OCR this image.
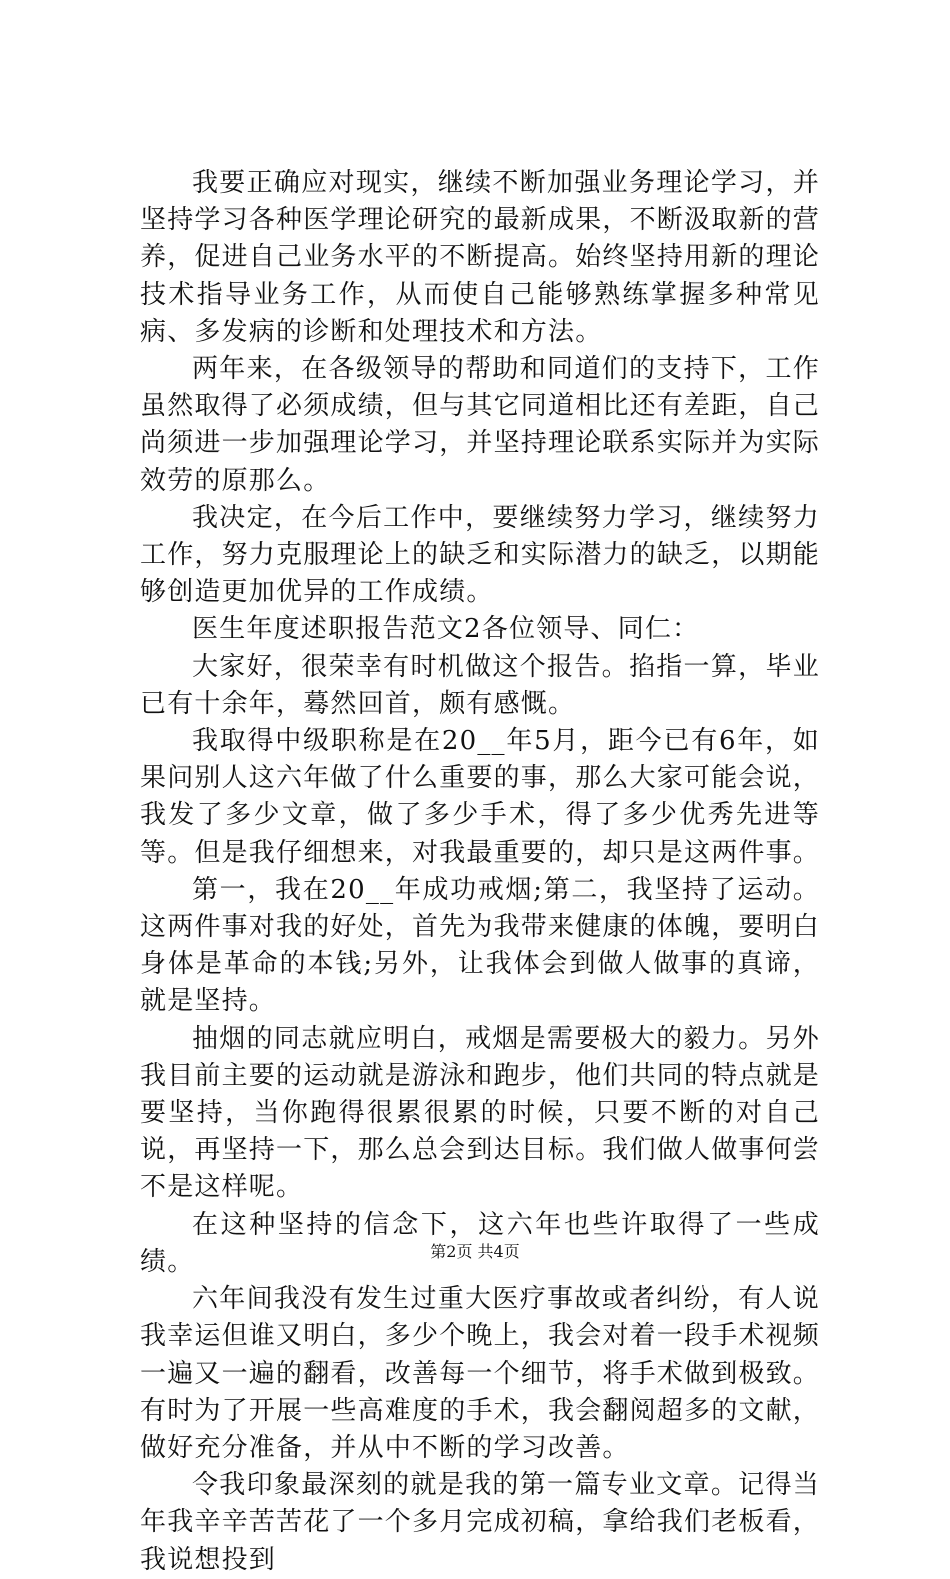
我要正确应对现实，继续不断加强业务理论学习，并坚持学习各种医学理论研究的最新成果，不断汲取新的营养，促进自己业务水平的不断提高。始终坚持用新的理论技术指导业务工作，从而使自己能够熟练掌握多种常见病、多发病的诊断和处理技术和方法。

两年来，在各级领导的帮助和同道们的支持下，工作虽然取得了必须成绩，但与其它同道相比还有差距，自己尚须进一步加强理论学习，并坚持理论联系实际并为实际效劳的原那么。

我决定，在今后工作中，要继续努力学习，继续努力工作，努力克服理论上的缺乏和实际潜力的缺乏，以期能够创造更加优异的工作成绩。

医生年度述职报告范文2各位领导、同仁：

大家好，很荣幸有时机做这个报告。掐指一算，毕业已有十余年，蓦然回首，颇有感慨。

我取得中级职称是在20__年5月，距今已有6年，如果问别人这六年做了什么重要的事，那么大家可能会说，我发了多少文章，做了多少手术，得了多少优秀先进等等。但是我仔细想来，对我最重要的，却只是这两件事。

第一，我在20__年成功戒烟;第二，我坚持了运动。这两件事对我的好处，首先为我带来健康的体魄，要明白身体是革命的本钱;另外，让我体会到做人做事的真谛，就是坚持。

抽烟的同志就应明白，戒烟是需要极大的毅力。另外我目前主要的运动就是游泳和跑步，他们共同的特点就是要坚持，当你跑得很累很累的时候，只要不断的对自己说，再坚持一下，那么总会到达目标。我们做人做事何尝不是这样呢。

在这种坚持的信念下，这六年也些许取得了一些成绩。

六年间我没有发生过重大医疗事故或者纠纷，有人说我幸运但谁又明白，多少个晚上，我会对着一段手术视频一遍又一遍的翻看，改善每一个细节，将手术做到极致。有时为了开展一些高难度的手术，我会翻阅超多的文献，做好充分准备，并从中不断的学习改善。

令我印象最深刻的就是我的第一篇专业文章。记得当年我辛辛苦苦花了一个多月完成初稿，拿给我们老板看，我说想投到

第2页 共4页
